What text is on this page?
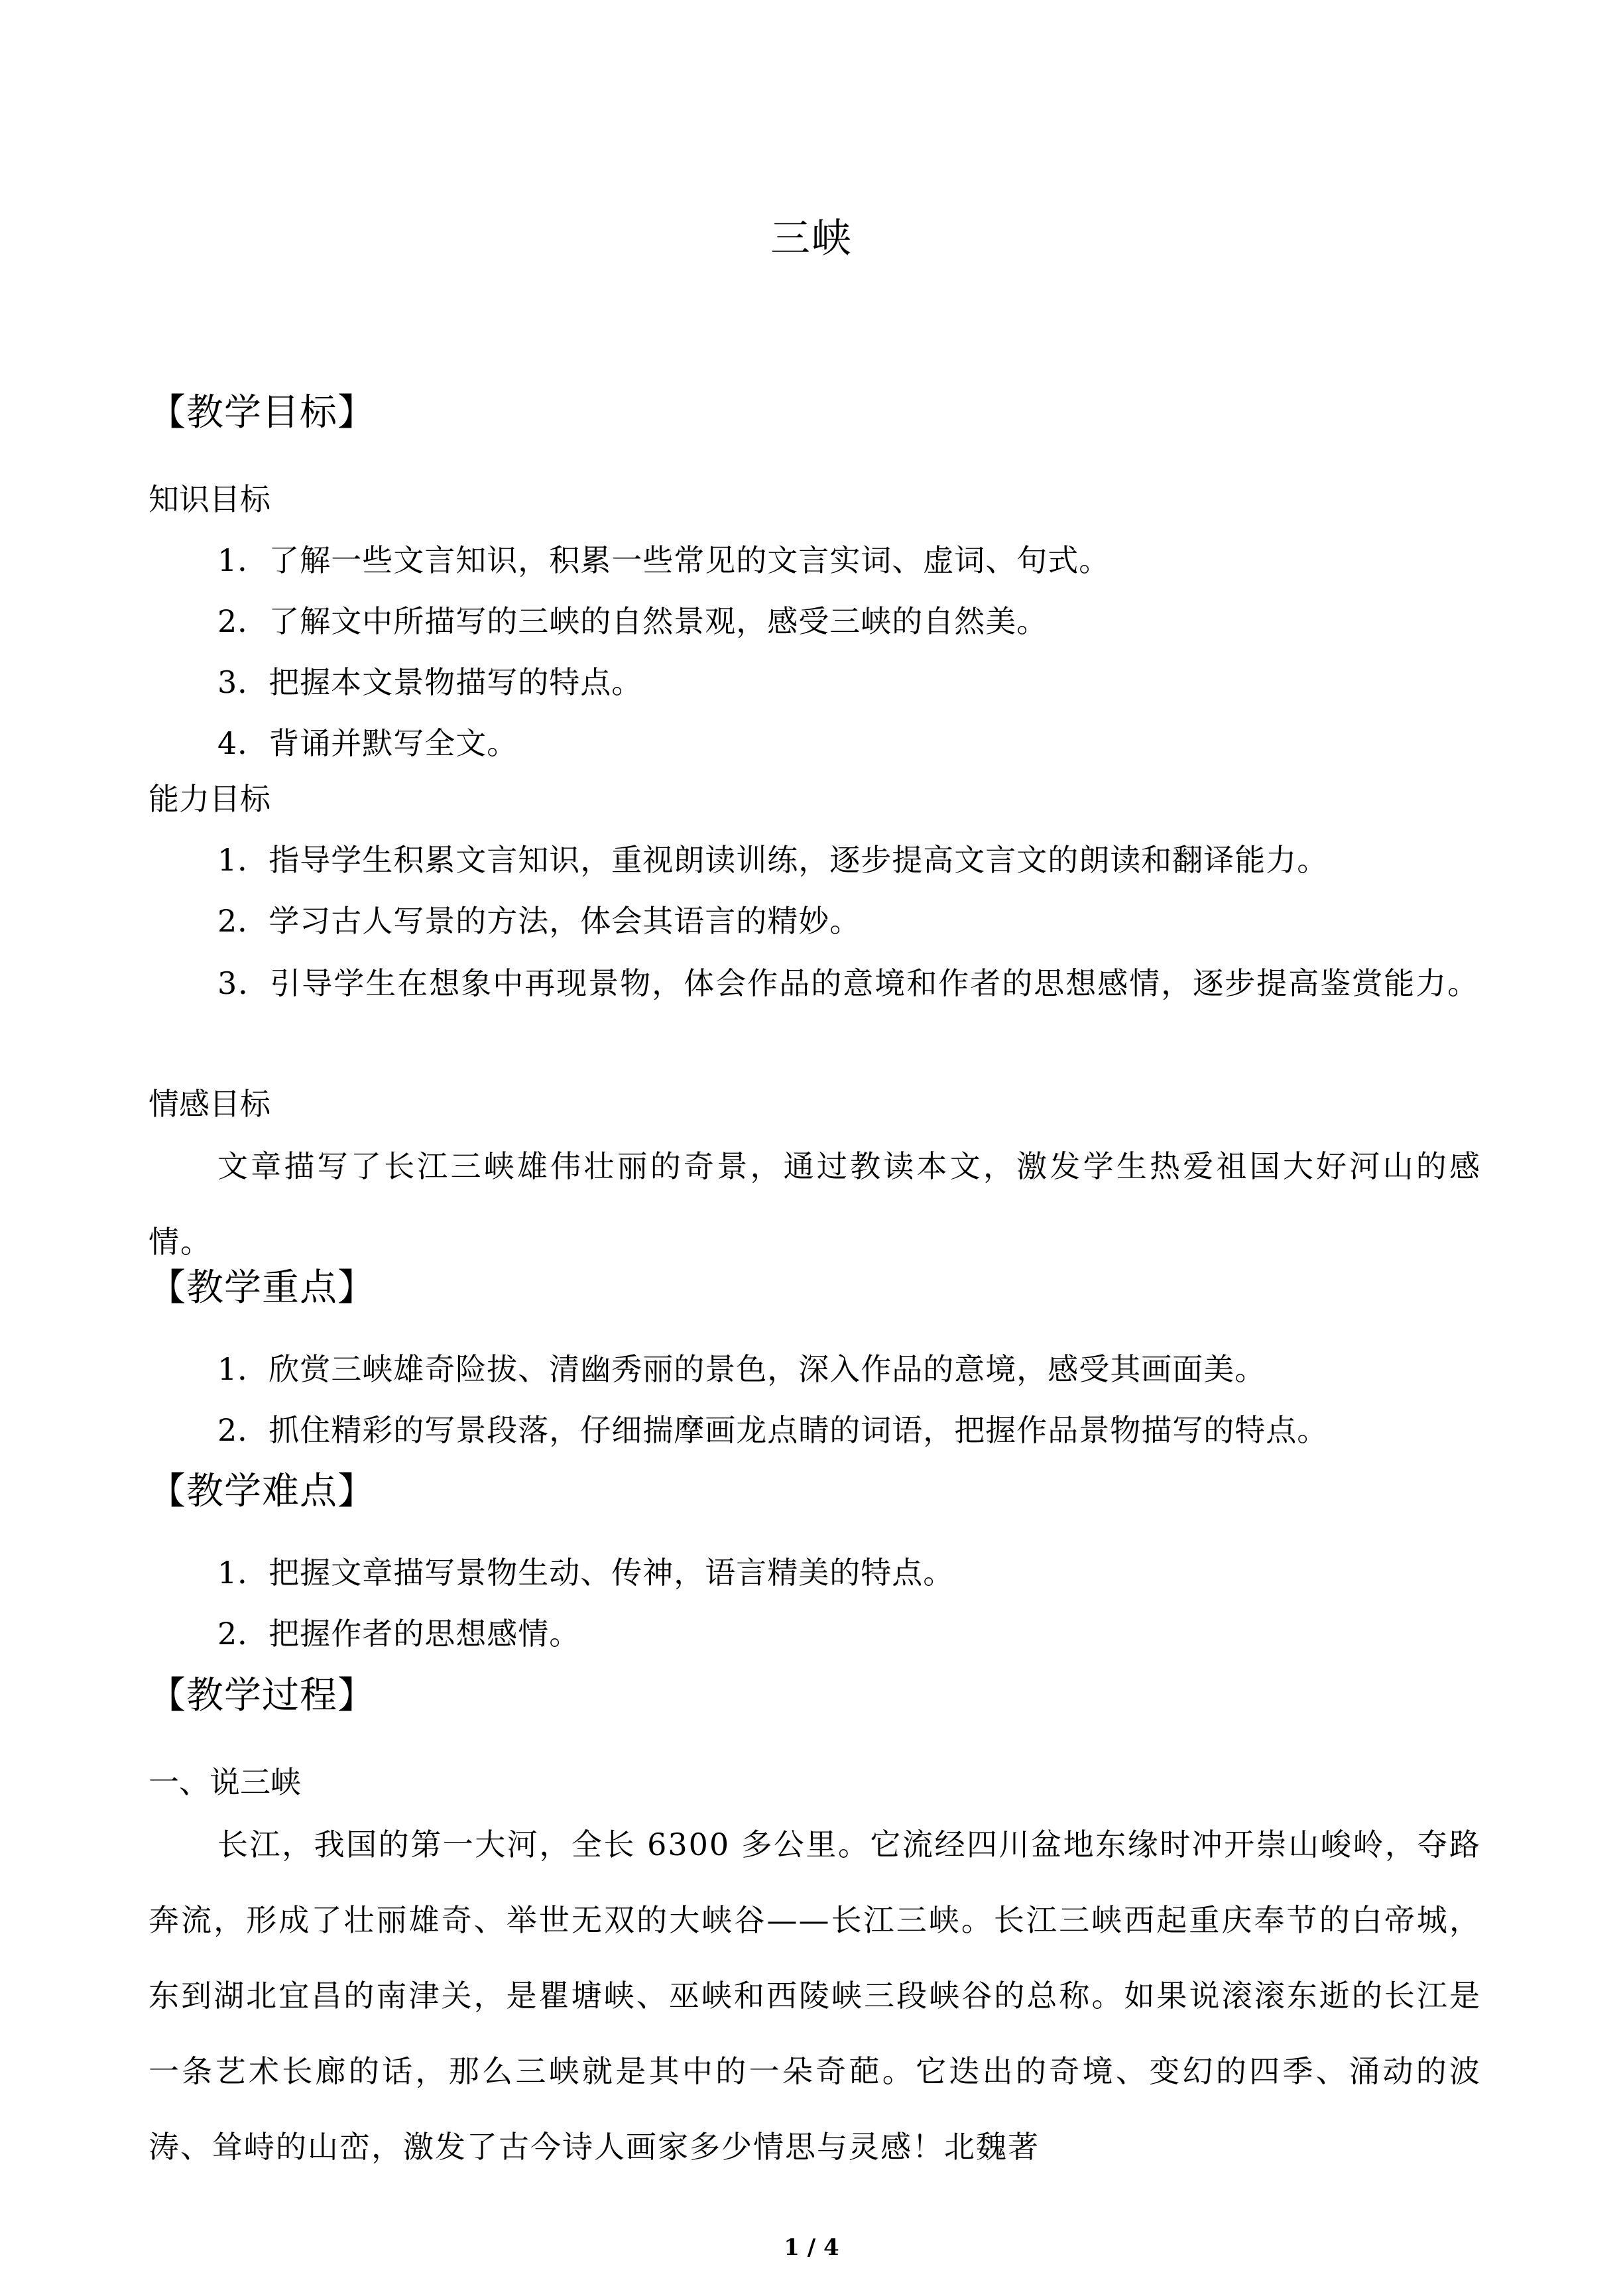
三峡
【教学目标】
知识目标
1．了解一些文言知识，积累一些常见的文言实词、虚词、句式。
2．了解文中所描写的三峡的自然景观，感受三峡的自然美。
3．把握本文景物描写的特点。
4．背诵并默写全文。
能力目标
1．指导学生积累文言知识，重视朗读训练，逐步提高文言文的朗读和翻译能力。
2．学习古人写景的方法，体会其语言的精妙。
3．引导学生在想象中再现景物，体会作品的意境和作者的思想感情，逐步提高鉴赏能力。
情感目标
文章描写了长江三峡雄伟壮丽的奇景，通过教读本文，激发学生热爱祖国大好河山的感情。
【教学重点】
1．欣赏三峡雄奇险拔、清幽秀丽的景色，深入作品的意境，感受其画面美。
2．抓住精彩的写景段落，仔细揣摩画龙点睛的词语，把握作品景物描写的特点。
【教学难点】
1．把握文章描写景物生动、传神，语言精美的特点。
2．把握作者的思想感情。
【教学过程】
一、说三峡
长江，我国的第一大河，全长 6300 多公里。它流经四川盆地东缘时冲开崇山峻岭，夺路奔流，形成了壮丽雄奇、举世无双的大峡谷——长江三峡。长江三峡西起重庆奉节的白帝城，东到湖北宜昌的南津关，是瞿塘峡、巫峡和西陵峡三段峡谷的总称。如果说滚滚东逝的长江是一条艺术长廊的话，那么三峡就是其中的一朵奇葩。它迭出的奇境、变幻的四季、涌动的波涛、耸峙的山峦，激发了古今诗人画家多少情思与灵感！北魏著
1 / 4
